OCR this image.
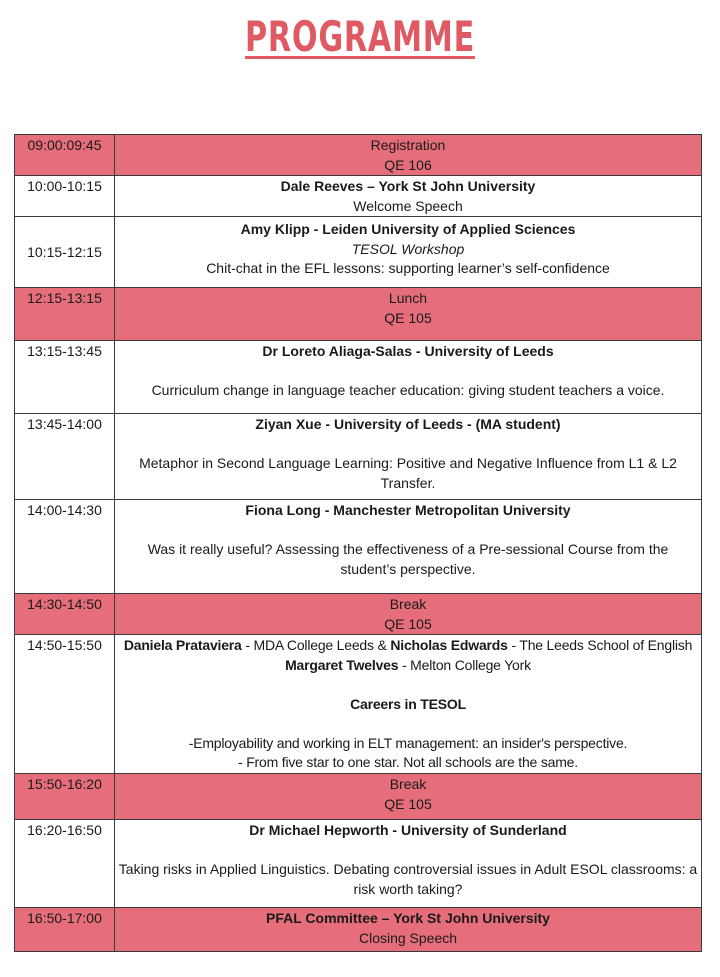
PROGRAMME
09:00:09:45	Registration
QE 106

10:00-10:15	Dale Reeves – York St John University
Welcome Speech

10:15-12:15	Amy Klipp - Leiden University of Applied Sciences
TESOL Workshop
Chit-chat in the EFL lessons: supporting learner’s self-confidence

12:15-13:15	Lunch
QE 105

13:15-13:45	Dr Loreto Aliaga-Salas - University of Leeds
Curriculum change in language teacher education: giving student teachers a voice.

13:45-14:00	Ziyan Xue - University of Leeds - (MA student)
Metaphor in Second Language Learning: Positive and Negative Influence from L1 & L2 Transfer.

14:00-14:30	Fiona Long - Manchester Metropolitan University
Was it really useful? Assessing the effectiveness of a Pre-sessional Course from the student’s perspective.

14:30-14:50	Break
QE 105

14:50-15:50	Daniela Prataviera - MDA College Leeds & Nicholas Edwards - The Leeds School of English
Margaret Twelves - Melton College York
Careers in TESOL
-Employability and working in ELT management: an insider's perspective.
- From five star to one star. Not all schools are the same.

15:50-16:20	Break
QE 105

16:20-16:50	Dr Michael Hepworth - University of Sunderland
Taking risks in Applied Linguistics. Debating controversial issues in Adult ESOL classrooms: a risk worth taking?

16:50-17:00	PFAL Committee – York St John University
Closing Speech
